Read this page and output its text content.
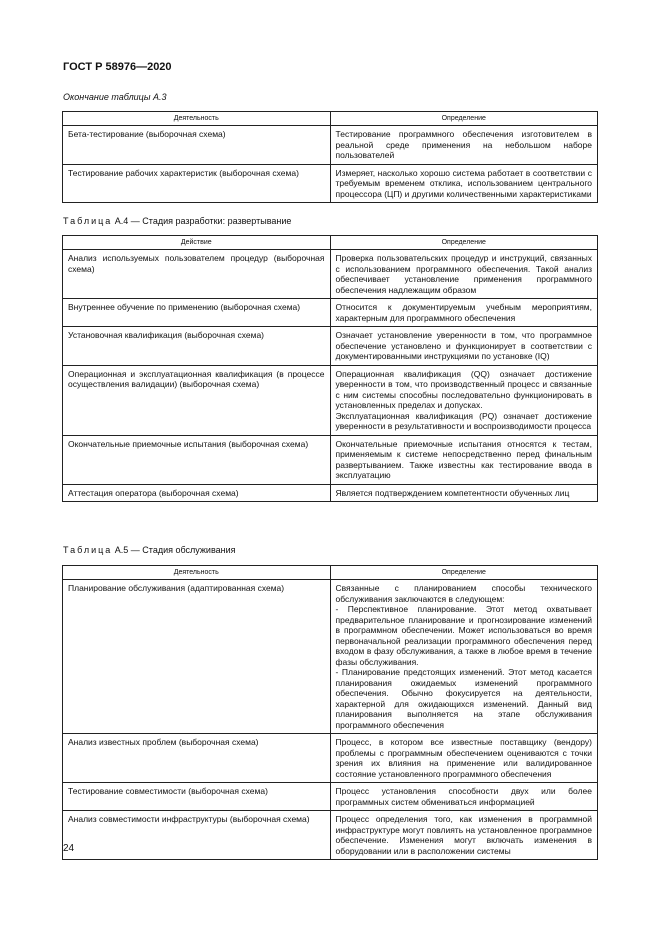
ГОСТ Р 58976—2020
Окончание таблицы А.3
Деятельность	Определение
Бета-тестирование (выборочная схема)	Тестирование программного обеспечения изготовителем в реальной среде применения на небольшом наборе пользователей
Тестирование рабочих характеристик (выборочная схема)	Измеряет, насколько хорошо система работает в соответствии с требуемым временем отклика, использованием центрального процессора (ЦП) и другими количественными характеристиками
Таблица А.4 — Стадия разработки: развертывание
Действие	Определение
Анализ используемых пользователем процедур (выборочная схема)	Проверка пользовательских процедур и инструкций, связанных с использованием программного обеспечения. Такой анализ обеспечивает установление применения программного обеспечения надлежащим образом
Внутреннее обучение по применению (выборочная схема)	Относится к документируемым учебным мероприятиям, характерным для программного обеспечения
Установочная квалификация (выборочная схема)	Означает установление уверенности в том, что программное обеспечение установлено и функционирует в соответствии с документированными инструкциями по установке (IQ)
Операционная и эксплуатационная квалификация (в процессе осуществления валидации) (выборочная схема)	Операционная квалификация (QQ) означает достижение уверенности в том, что производственный процесс и связанные с ним системы способны последовательно функционировать в установленных пределах и допусках.
Эксплуатационная квалификация (PQ) означает достижение уверенности в результативности и воспроизводимости процесса

Окончательные приемочные испытания (выборочная схема)	Окончательные приемочные испытания относятся к тестам, применяемым к системе непосредственно перед финальным развертыванием. Также известны как тестирование ввода в эксплуатацию
Аттестация оператора (выборочная схема)	Является подтверждением компетентности обученных лиц
Таблица А.5 — Стадия обслуживания
Деятельность	Определение
Планирование обслуживания (адаптированная схема)	Связанные с планированием способы технического обслуживания заключаются в следующем:
- Перспективное планирование. Этот метод охватывает предварительное планирование и прогнозирование изменений в программном обеспечении. Может использоваться во время первоначальной реализации программного обеспечения перед входом в фазу обслуживания, а также в любое время в течение фазы обслуживания.
- Планирование предстоящих изменений. Этот метод касается планирования ожидаемых изменений программного обеспечения. Обычно фокусируется на деятельности, характерной для ожидающихся изменений. Данный вид планирования выполняется на этапе обслуживания программного обеспечения

Анализ известных проблем (выборочная схема)	Процесс, в котором все известные поставщику (вендору) проблемы с программным обеспечением оцениваются с точки зрения их влияния на применение или валидированное состояние установленного программного обеспечения
Тестирование совместимости (выборочная схема)	Процесс установления способности двух или более программных систем обмениваться информацией
Анализ совместимости инфраструктуры (выборочная схема)	Процесс определения того, как изменения в программной инфраструктуре могут повлиять на установленное программное обеспечение. Изменения могут включать изменения в оборудовании или в расположении системы
24
